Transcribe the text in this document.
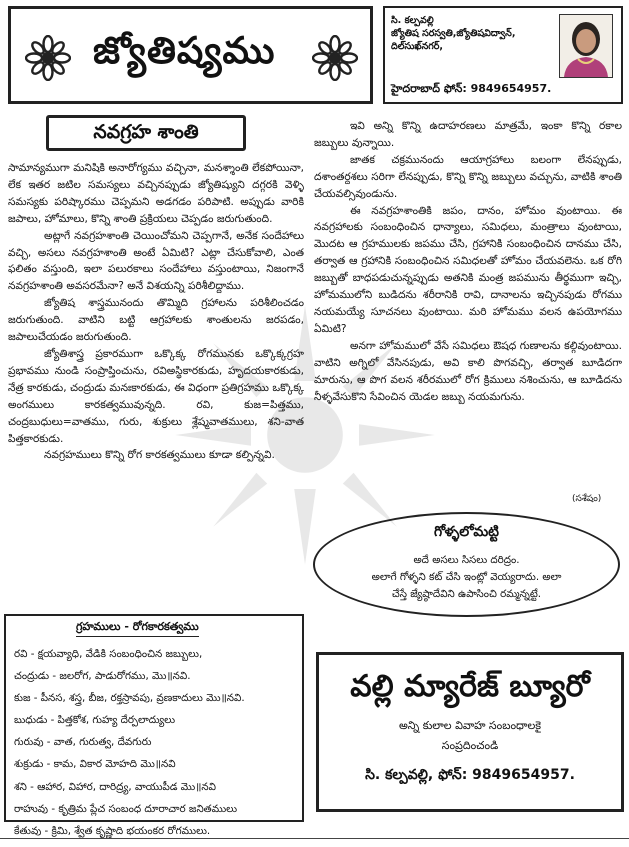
జ్యోతిష్యము
సి. కల్పవల్లి
జ్యోతిష సరస్వతి,జ్యోతిషవిద్వాన్,
దిల్‌సుఖ్‌నగర్,
హైదరాబాద్ ఫోన్: 9849654957.
నవగ్రహ శాంతి

సామాన్యముగా మనిషికి అనారోగ్యము వచ్చినా, మనశ్శాంతి లేకపోయినా, లేక ఇతర జటిల సమస్యలు వచ్చినప్పుడు జ్యోతిష్యుని దగ్గరకి వెళ్ళి సమస్యకు పరిష్కారము చెప్పమని అడగడం పరిపాటి. అప్పుడు వారికి జపాలు, హోమాలు, కొన్ని శాంతి ప్రక్రియలు చెప్పడం జరుగుతుంది.

అట్లాగే నవగ్రహశాంతి చెయించోమని చెప్పగానే, అనేక సందేహాలు వచ్చి, అసలు నవగ్రహశాంతి అంటే ఏమిటి? ఎట్లా చేసుకోవాలి, ఎంత ఫలితం వస్తుంది, ఇలా పలురకాలు సందేహాలు వస్తుంటాయి, నిజంగానే నవగ్రహశాంతి అవసరమేనా? అనే విశయన్ని పరిశీలిద్దాము.

జ్యోతిష శాస్త్రమునందు తొమ్మిది గ్రహాలను పరిశీలించడం జరుగుతుంది. వాటిని బట్టి ఆగ్రహాలకు శాంతులను జరపడం, జపాలుచేయడం జరుగుతుంది.

జ్యోతిశాస్త్ర ప్రకారముగా ఒక్కొక్క రోగమునకు ఒక్కొక్కగ్రహ ప్రభావము నుండి సంప్రాప్తించును, రవిఅస్థికారకుడు, హృదయకారకుడు, నేత్ర కారకుడు, చంద్రుడు మనఃకారకుడు, ఈ విధంగా ప్రతిగ్రహము ఒక్కొక్క అంగములు కారకత్వమువున్నది. రవి, కుజ=పిత్తము, చంద్రబుధులు=వాతము, గురు, శుక్రులు శ్లేష్మవాతములు, శని-వాత పిత్తకారకుడు.

నవగ్రహములు కొన్ని రోగ కారకత్వములు కూడా కల్పిన్నవి.

ఇవి అన్ని కొన్ని ఉదాహరణలు మాత్రమే, ఇంకా కొన్ని రకాల జబ్బులు వున్నాయి.

జాతక చక్రమునందు ఆయాగ్రహాలు బలంగా లేనప్పుడు, దశాంతర్దశలు సరిగా లేనప్పుడు, కొన్ని కొన్ని జబ్బులు వచ్చును, వాటికి శాంతి చేయవల్సివుండును.

ఈ నవగ్రహశాంతికి జపం, దానం, హోమం వుంటాయి. ఈ నవగ్రహాలకు సంబంధించిన ధాన్యాలు, సమిధలు, మంత్రాలు వుంటాయి, మొదట ఆ గ్రహములకు జపము చేసి, గ్రహానికి సంబంధించిన దానము చేసి, తర్వాత ఆ గ్రహానికి సంబంధించిన సమిధలతో హోమం చేయవలెను. ఒక రోగి జబ్బుతో బాధపడుచున్నప్పుడు అతనికి మంత్ర జపమును తీర్థముగా ఇచ్చి, హోమములోని బుడిదను శరీరానికి రావి, దానాలను ఇచ్చినపుడు రోగము నయమయ్యే సూచనలు వుంటాయి. మరి హోమము వలన ఉపయోగము ఏమిటి?

అనగా హోమములో వేసే సమిధలు ఔషధ గుణాలను కల్గివుంటాయి. వాటిని అగ్నిలో వేసినపుడు, అవి కాలి పొగవచ్చి, తర్వాత బూడిదగా మారును, ఆ పొగ వలన శరీరములో రోగ క్రిములు నశించును, ఆ బూడిదను నీళ్ళవేసుకొని సేవించిన యెడల జబ్బు నయమగును.

(సశేషం)
గ్రహములు - రోగకారకత్వము
రవి - క్షయవ్యాధి, వేడికి సంబంధించిన జబ్బులు,
చంద్రుడు - జలరోగ, పాడురోగము, మొ॥నవి.
కుజ - పీనస, శస్త్ర, బీజ, రక్తస్రావపు, వ్రణకాదులు మొ॥నవి.
బుధుడు - పిత్తకోశ, గుహ్య దేర్పలాద్యులు
గురువు - వాత, గురుత్వ, దేవగురు
శుక్రుడు - కామ, వికార మోహది మొ॥నవి
శని - ఆహార, విహార, దారిద్ర్య, వాయుపీడ మొ॥నవి
రాహువు - కృత్రిమ ప్లేచ సంబంధ దూరాచార జనితములు
కేతువు - క్రిమి, శ్వేత కృష్ణాది భయంకర రోగములు.
గోళ్ళలోమట్టి
అదే అసలు సిసలు దరిద్రం.
అలాగే గోళ్ళని కట్ చేసి ఇంట్లో వెయ్యరాదు. అలా
చేస్తే జ్యేష్ఠాదేవిని ఉపాసించి రమ్మన్నట్టే.
వల్లి మ్యారేజ్ బ్యూరో
అన్ని కులాల వివాహ సంబంధాలకై
సంప్రదించండి
సి. కల్పవల్లి, ఫోన్: 9849654957.
